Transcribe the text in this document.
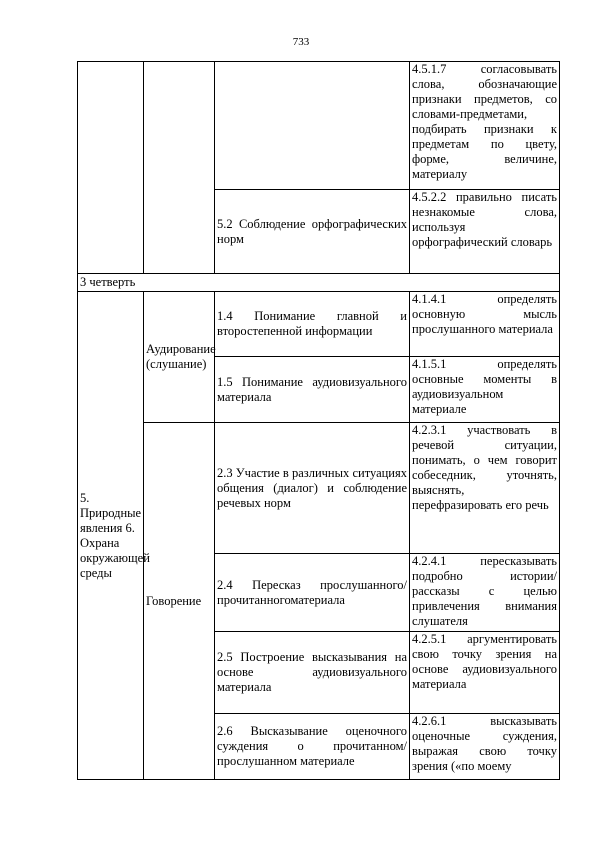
733
			4.5.1.7 согласовывать слова, обозначающие признаки предметов, со словами-предметами, подбирать признаки к предметам по цвету, форме, величине, материалу
		5.2 Соблюдение орфографических норм	4.5.2.2 правильно писать незнакомые слова, используя орфографический словарь
3 четверть			
5. Природные явления 6. Охрана окружающей среды	Аудирование (слушание)	1.4 Понимание главной и второстепенной информации	4.1.4.1 определять основную мысль прослушанного материала
		1.5 Понимание аудиовизуального материала	4.1.5.1 определять основные моменты в аудиовизуальном материале
	Говорение	2.3 Участие в различных ситуациях общения (диалог) и соблюдение речевых норм	4.2.3.1 участвовать в речевой ситуации, понимать, о чем говорит собеседник, уточнять, выяснять, перефразировать его речь
		2.4 Пересказ прослушанного/ прочитанногоматериала	4.2.4.1 пересказывать подробно истории/ рассказы с целью привлечения внимания слушателя
		2.5 Построение высказывания на основе аудиовизуального материала	4.2.5.1 аргументировать свою точку зрения на основе аудиовизуального материала
		2.6 Высказывание оценочного суждения о прочитанном/ прослушанном материале	4.2.6.1 высказывать оценочные суждения, выражая свою точку зрения («по моему
